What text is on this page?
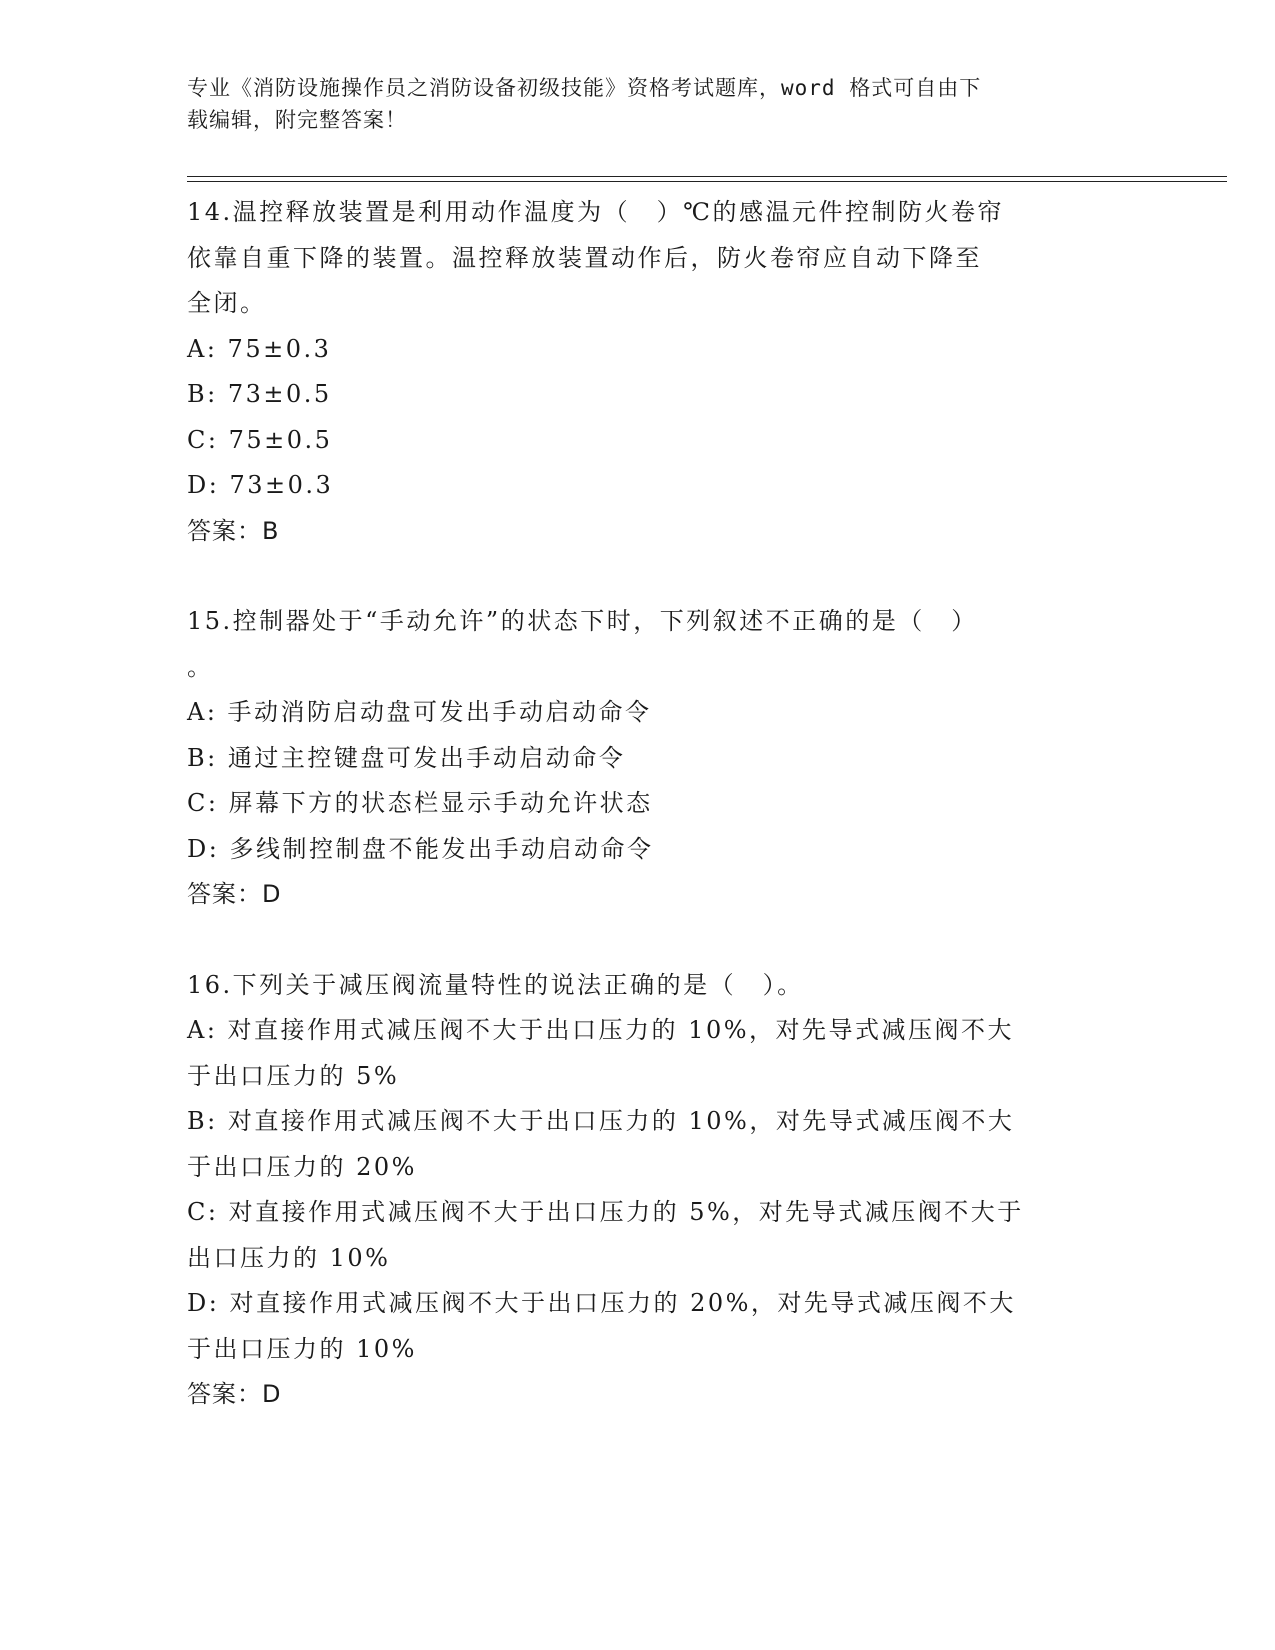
专业《消防设施操作员之消防设备初级技能》资格考试题库，word 格式可自由下
载编辑，附完整答案！
14.温控释放装置是利用动作温度为（　）℃的感温元件控制防火卷帘
依靠自重下降的装置。温控释放装置动作后，防火卷帘应自动下降至
全闭。
A: 75±0.3
B: 73±0.5
C: 75±0.5
D: 73±0.3
答案：B
15.控制器处于“手动允许”的状态下时，下列叙述不正确的是（　）
。
A: 手动消防启动盘可发出手动启动命令
B: 通过主控键盘可发出手动启动命令
C: 屏幕下方的状态栏显示手动允许状态
D: 多线制控制盘不能发出手动启动命令
答案：D
16.下列关于减压阀流量特性的说法正确的是（　）。
A: 对直接作用式减压阀不大于出口压力的 10%，对先导式减压阀不大
于出口压力的 5%
B: 对直接作用式减压阀不大于出口压力的 10%，对先导式减压阀不大
于出口压力的 20%
C: 对直接作用式减压阀不大于出口压力的 5%，对先导式减压阀不大于
出口压力的 10%
D: 对直接作用式减压阀不大于出口压力的 20%，对先导式减压阀不大
于出口压力的 10%
答案：D
